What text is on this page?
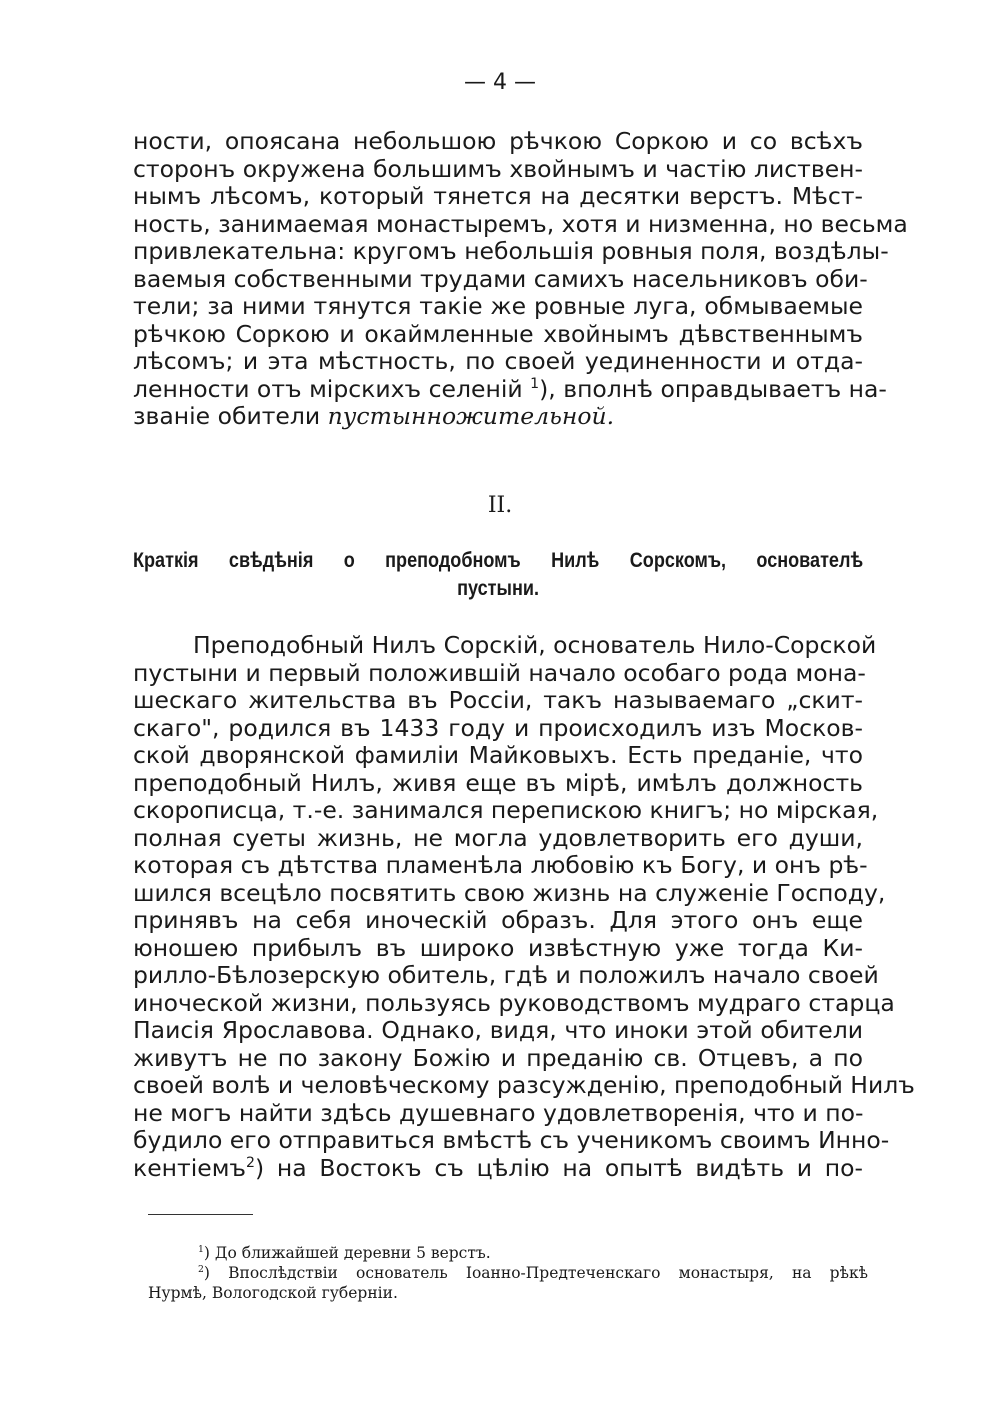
— 4 —
ности, опоясана небольшою рѣчкою Соркою и со всѣхъ
сторонъ окружена большимъ хвойнымъ и частію листвен-
нымъ лѣсомъ, который тянется на десятки верстъ. Мѣст-
ность, занимаемая монастыремъ, хотя и низменна, но весьма
привлекательна: кругомъ небольшія ровныя поля, воздѣлы-
ваемыя собственными трудами самихъ насельниковъ оби-
тели; за ними тянутся такіе же ровные луга, обмываемые
рѣчкою Соркою и окаймленные хвойнымъ дѣвственнымъ
лѣсомъ; и эта мѣстность, по своей уединенности и отда-
ленности отъ мірскихъ селеній $^1$), вполнѣ оправдываетъ на-
званіе обители пустынножительной.
II.
Краткія свѣдѣнія о преподобномъ Нилѣ Сорскомъ, основателѣ
пустыни.
Преподобный Нилъ Сорскій, основатель Нило-Сорской
пустыни и первый положившій начало особаго рода мона-
шескаго жительства въ Россіи, такъ называемаго „скит-
скаго", родился въ 1433 году и происходилъ изъ Москов-
ской дворянской фамиліи Майковыхъ. Есть преданіе, что
преподобный Нилъ, живя еще въ мірѣ, имѣлъ должность
скорописца, т.-е. занимался перепискою книгъ; но мірская,
полная суеты жизнь, не могла удовлетворить его души,
которая съ дѣтства пламенѣла любовію къ Богу, и онъ рѣ-
шился всецѣло посвятить свою жизнь на служеніе Господу,
принявъ на себя иноческій образъ. Для этого онъ еще
юношею прибылъ въ широко извѣстную уже тогда Ки-
рилло-Бѣлозерскую обитель, гдѣ и положилъ начало своей
иноческой жизни, пользуясь руководствомъ мудраго старца
Паисія Ярославова. Однако, видя, что иноки этой обители
живутъ не по закону Божію и преданію св. Отцевъ, а по
своей волѣ и человѣческому разсужденію, преподобный Нилъ
не могъ найти здѣсь душевнаго удовлетворенія, что и по-
будило его отправиться вмѣстѣ съ ученикомъ своимъ Инно-
кентіемъ$^2$) на Востокъ съ цѣлію на опытѣ видѣть и по-
$^1$) До ближайшей деревни 5 верстъ.
$^2$) Впослѣдствіи основатель Іоанно-Предтеченскаго монастыря, на рѣкѣ
Нурмѣ, Вологодской губерніи.
